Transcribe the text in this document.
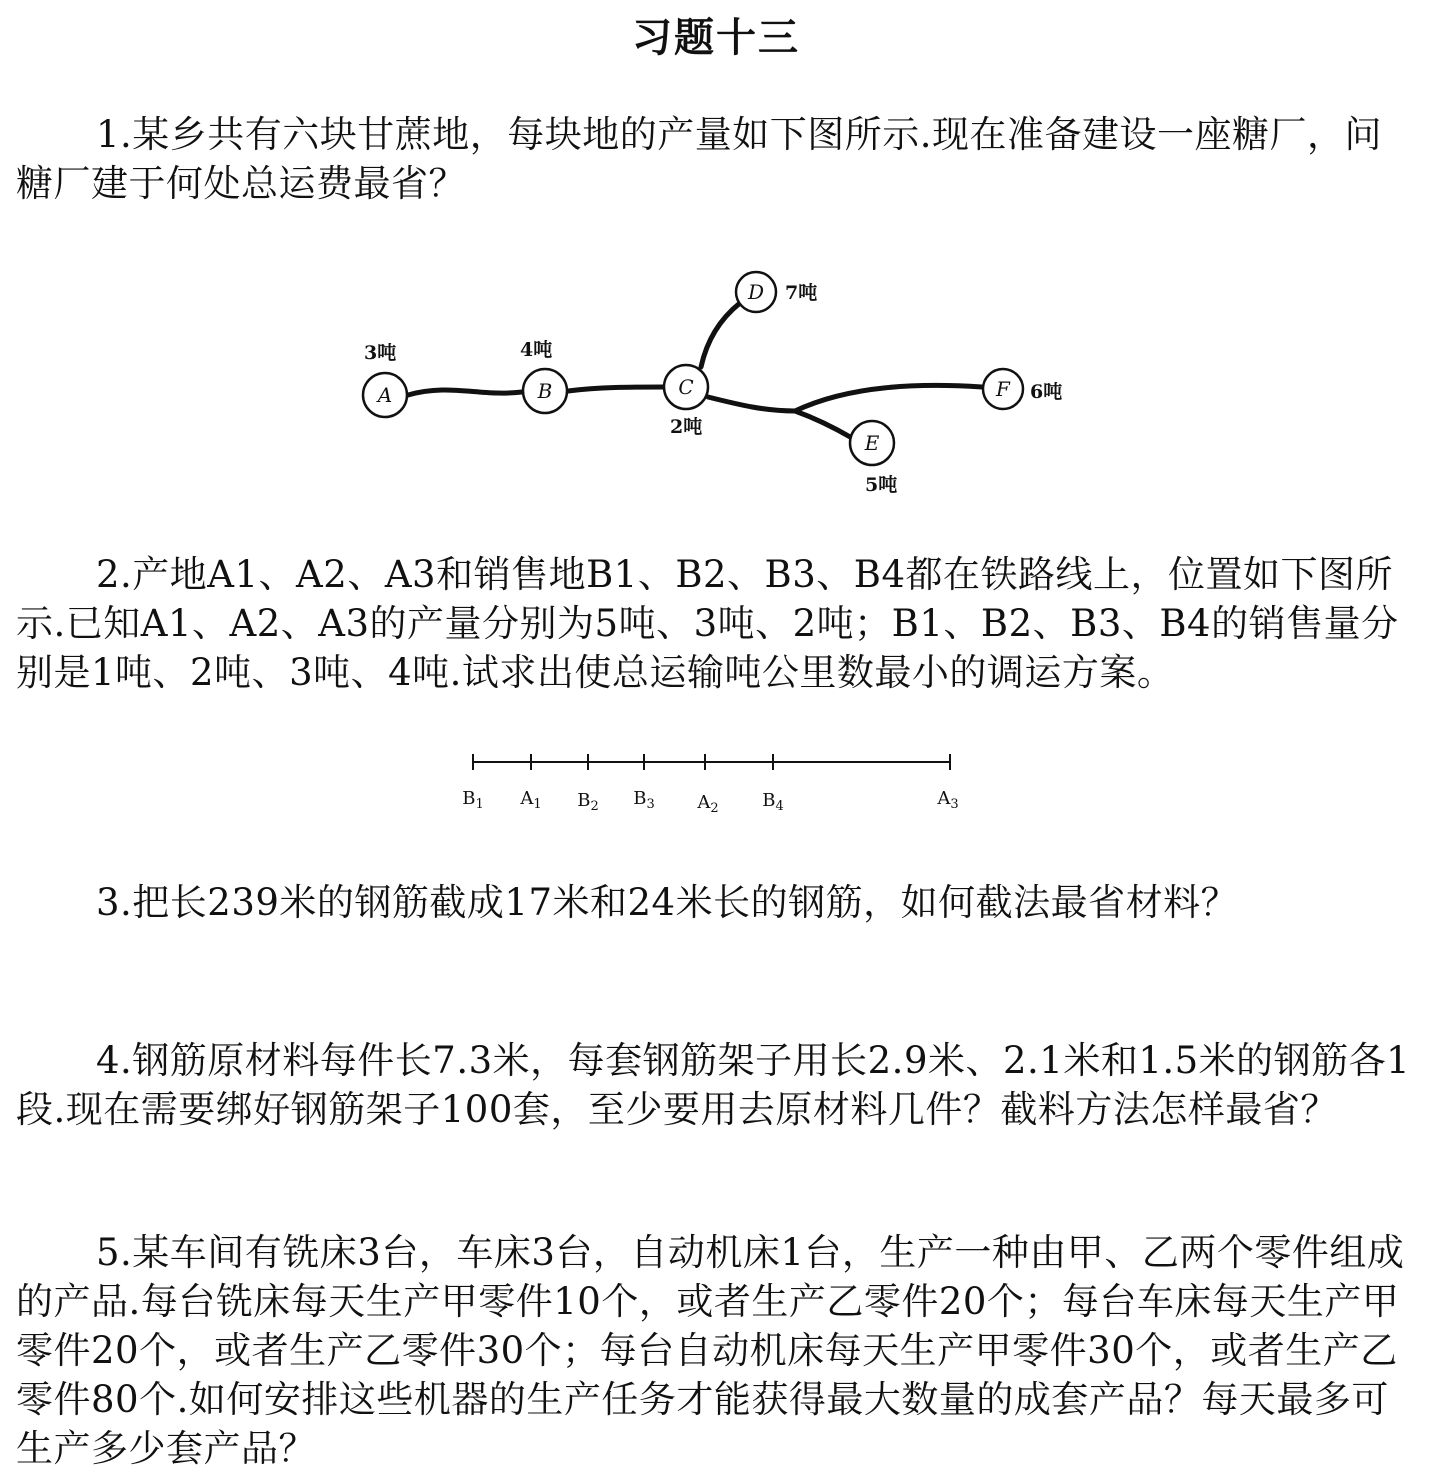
习题十三
1.某乡共有六块甘蔗地，每块地的产量如下图所示.现在准备建设一座糖厂，问糖厂建于何处总运费最省？
A	B	C
D
E
F
3吨	4吨
2吨
7吨
5吨
6吨
2.产地A1、A2、A3和销售地B1、B2、B3、B4都在铁路线上，位置如下图所示.已知A1、A2、A3的产量分别为5吨、3吨、2吨；B1、B2、B3、B4的销售量分别是1吨、2吨、3吨、4吨.试求出使总运输吨公里数最小的调运方案。
$B_1$ $A_1$ $B_2$ $B_3$ $A_2$ $B_4$	$A_3$
3.把长239米的钢筋截成17米和24米长的钢筋，如何截法最省材料？
4.钢筋原材料每件长7.3米，每套钢筋架子用长2.9米、2.1米和1.5米的钢筋各1段.现在需要绑好钢筋架子100套，至少要用去原材料几件？截料方法怎样最省？
5.某车间有铣床3台，车床3台，自动机床1台，生产一种由甲、乙两个零件组成的产品.每台铣床每天生产甲零件10个，或者生产乙零件20个；每台车床每天生产甲零件20个，或者生产乙零件30个；每台自动机床每天生产甲零件30个，或者生产乙零件80个.如何安排这些机器的生产任务才能获得最大数量的成套产品？每天最多可生产多少套产品？
